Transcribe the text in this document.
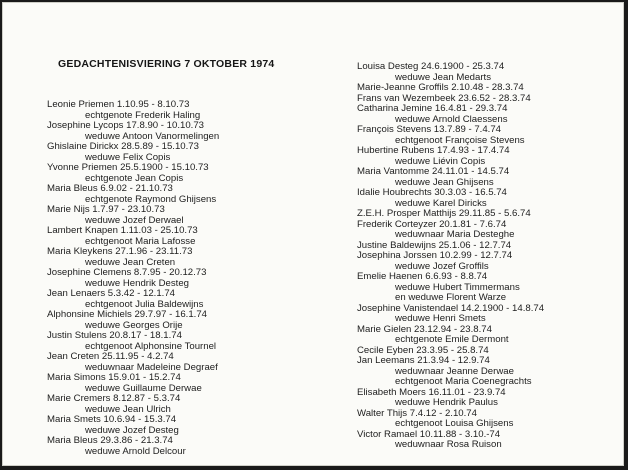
GEDACHTENISVIERING 7 OKTOBER 1974
Leonie Priemen 1.10.95 - 8.10.73
echtgenote Frederik Haling
Josephine Lycops 17.8.90 - 10.10.73
weduwe Antoon Vanormelingen
Ghislaine Dirickx 28.5.89 - 15.10.73
weduwe Felix Copis
Yvonne Priemen 25.5.1900 - 15.10.73
echtgenote Jean Copis
Maria Bleus 6.9.02 - 21.10.73
echtgenote Raymond Ghijsens
Marie Nijs 1.7.97 - 23.10.73
weduwe Jozef Derwael
Lambert Knapen 1.11.03 - 25.10.73
echtgenoot Maria Lafosse
Maria Kleykens 27.1.96 - 23.11.73
weduwe Jean Creten
Josephine Clemens 8.7.95 - 20.12.73
weduwe Hendrik Desteg
Jean Lenaers 5.3.42 - 12.1.74
echtgenoot Julia Baldewijns
Alphonsine Michiels 29.7.97 - 16.1.74
weduwe Georges Orije
Justin Stulens 20.8.17 - 18.1.74
echtgenoot Alphonsine Tournel
Jean Creten 25.11.95 - 4.2.74
weduwnaar Madeleine Degraef
Maria Simons 15.9.01 - 15.2.74
weduwe Guillaume Derwae
Marie Cremers 8.12.87 - 5.3.74
weduwe Jean Ulrich
Maria Smets 10.6.94 - 15.3.74
weduwe Jozef Desteg
Maria Bleus 29.3.86 - 21.3.74
weduwe Arnold Delcour
Louisa Desteg 24.6.1900 - 25.3.74
weduwe Jean Medarts
Marie-Jeanne Groffils 2.10.48 - 28.3.74
Frans van Wezembeek 23.6.52 - 28.3.74
Catharina Jemine 16.4.81 - 29.3.74
weduwe Arnold Claessens
François Stevens 13.7.89 - 7.4.74
echtgenoot Françoise Stevens
Hubertine Rubens 17.4.93 - 17.4.74
weduwe Liévin Copis
Maria Vantomme 24.11.01 - 14.5.74
weduwe Jean Ghijsens
Idalie Houbrechts 30.3.03 - 16.5.74
weduwe Karel Diricks
Z.E.H. Prosper Matthijs 29.11.85 - 5.6.74
Frederik Corteyzer 20.1.81 - 7.6.74
weduwnaar Maria Desteghe
Justine Baldewijns 25.1.06 - 12.7.74
Josephina Jorssen 10.2.99 - 12.7.74
weduwe Jozef Groffils
Emelie Haenen 6.6.93 - 8.8.74
weduwe Hubert Timmermans
en weduwe Florent Warze
Josephine Vanistendael 14.2.1900 - 14.8.74
weduwe Henri Smets
Marie Gielen 23.12.94 - 23.8.74
echtgenote Emile Dermont
Cecile Eyben 23.3.95 - 25.8.74
Jan Leemans 21.3.94 - 12.9.74
weduwnaar Jeanne Derwae
echtgenoot Maria Coenegrachts
Elisabeth Moers 16.11.01 - 23.9.74
weduwe Hendrik Paulus
Walter Thijs 7.4.12 - 2.10.74
echtgenoot Louisa Ghijsens
Victor Ramael 10.11.88 - 3.10.-74
weduwnaar Rosa Ruison
